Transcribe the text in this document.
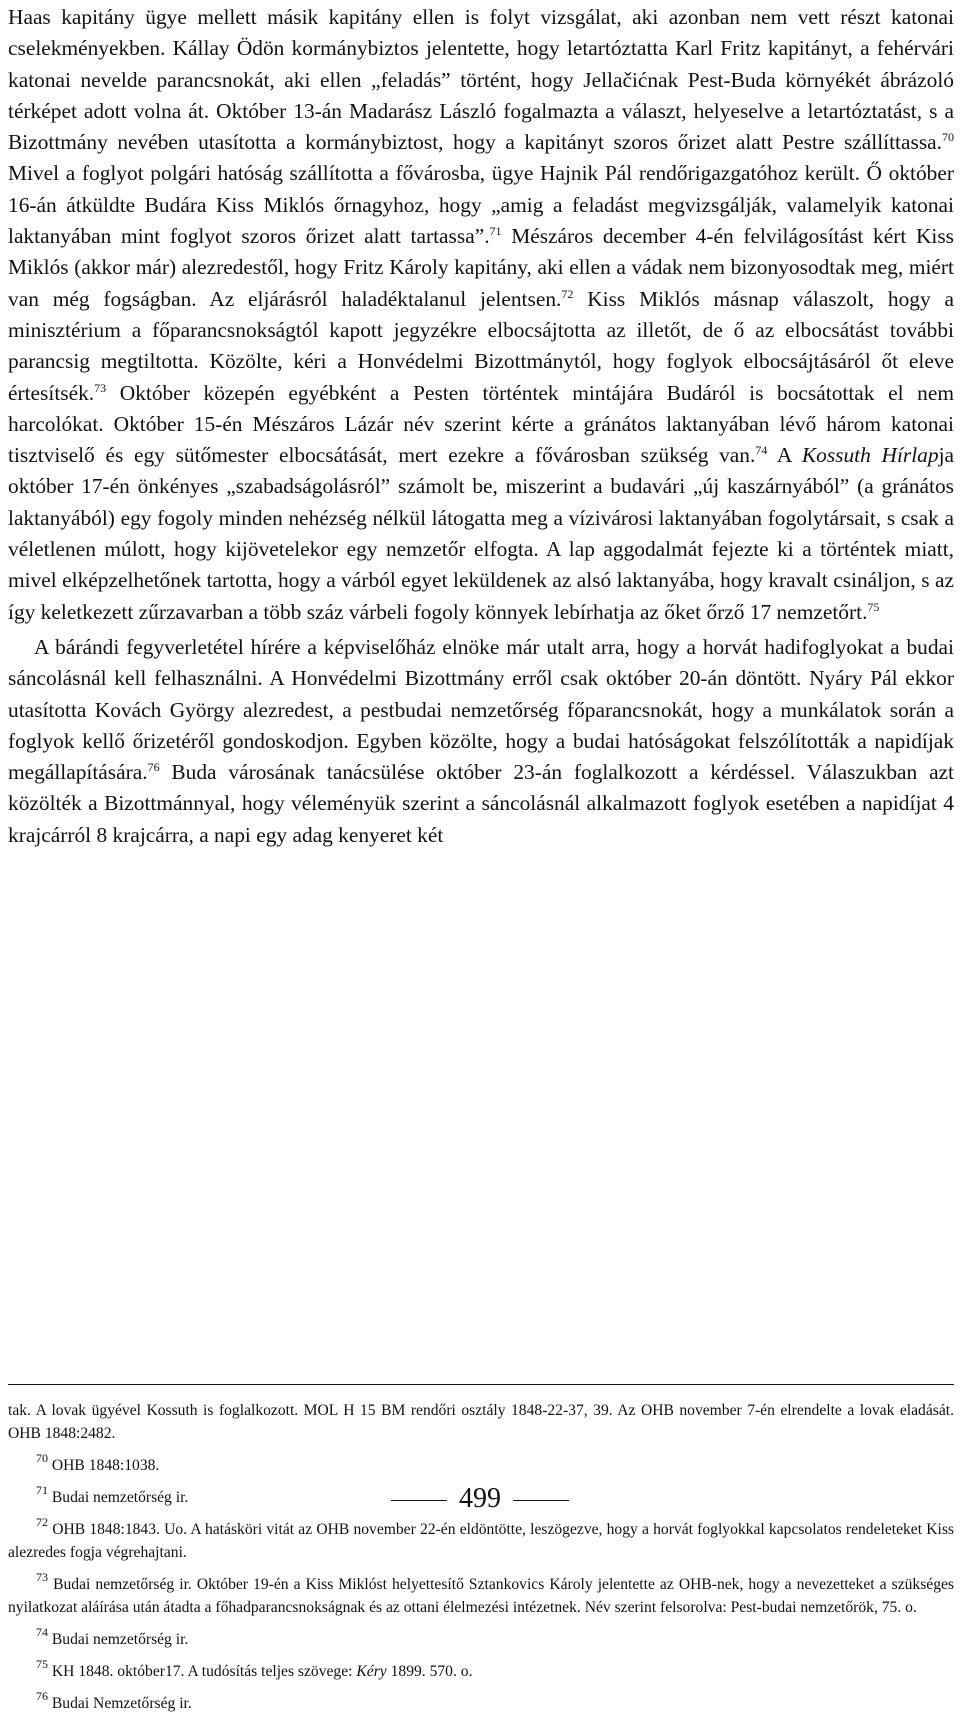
Haas kapitány ügye mellett másik kapitány ellen is folyt vizsgálat, aki azonban nem vett részt katonai cselekményekben. Kállay Ödön kormánybiztos jelentette, hogy letartóztatta Karl Fritz kapitányt, a fehérvári katonai nevelde parancsnokát, aki ellen „feladás” történt, hogy Jellačićnak Pest-Buda környékét ábrázoló térképet adott volna át. Október 13-án Madarász László fogalmazta a választ, helyeselve a letartóztatást, s a Bizottmány nevében utasította a kormánybiztost, hogy a kapitányt szoros őrizet alatt Pestre szállíttassa.$^{70}$ Mivel a foglyot polgári hatóság szállította a fővárosba, ügye Hajnik Pál rendőrigazgatóhoz került. Ő október 16-án átküldte Budára Kiss Miklós őrnagyhoz, hogy „amig a feladást megvizsgálják, valamelyik katonai laktanyában mint foglyot szoros őrizet alatt tartassa”.$^{71}$ Mészáros december 4-én felvilágosítást kért Kiss Miklós (akkor már) alezredestől, hogy Fritz Károly kapitány, aki ellen a vádak nem bizonyosodtak meg, miért van még fogságban. Az eljárásról haladéktalanul jelentsen.$^{72}$ Kiss Miklós másnap válaszolt, hogy a minisztérium a főparancsnokságtól kapott jegyzékre elbocsájtotta az illetőt, de ő az elbocsátást további parancsig megtiltotta. Közölte, kéri a Honvédelmi Bizottmánytól, hogy foglyok elbocsájtásáról őt eleve értesítsék.$^{73}$ Október közepén egyébként a Pesten történtek mintájára Budáról is bocsátottak el nem harcolókat. Október 15-én Mészáros Lázár név szerint kérte a gránátos laktanyában lévő három katonai tisztviselő és egy sütőmester elbocsátását, mert ezekre a fővárosban szükség van.$^{74}$ A Kossuth Hírlapja október 17-én önkényes „szabadságolásról” számolt be, miszerint a budavári „új kaszárnyából” (a gránátos laktanyából) egy fogoly minden nehézség nélkül látogatta meg a vízivárosi laktanyában fogolytársait, s csak a véletlenen múlott, hogy kijövetelekor egy nemzetőr elfogta. A lap aggodalmát fejezte ki a történtek miatt, mivel elképzelhetőnek tartotta, hogy a várból egyet leküldenek az alsó laktanyába, hogy kravalt csináljon, s az így keletkezett zűrzavarban a több száz várbeli fogoly könnyek lebírhatja az őket őrző 17 nemzetőrt.$^{75}$

A bárándi fegyverletétel hírére a képviselőház elnöke már utalt arra, hogy a horvát hadifoglyokat a budai sáncolásnál kell felhasználni. A Honvédelmi Bizottmány erről csak október 20-án döntött. Nyáry Pál ekkor utasította Kovách György alezredest, a pestbudai nemzetőrség főparancsnokát, hogy a munkálatok során a foglyok kellő őrizetéről gondoskodjon. Egyben közölte, hogy a budai hatóságokat felszólították a napidíjak megállapítására.$^{76}$ Buda városának tanácsülése október 23-án foglalkozott a kérdéssel. Válaszukban azt közölték a Bizottmánnyal, hogy véleményük szerint a sáncolásnál alkalmazott foglyok esetében a napidíjat 4 krajcárról 8 krajcárra, a napi egy adag kenyeret két

tak. A lovak ügyével Kossuth is foglalkozott. MOL H 15 BM rendőri osztály 1848-22-37, 39. Az OHB november 7-én elrendelte a lovak eladását. OHB 1848:2482.

$^{70}$ OHB 1848:1038.

$^{71}$ Budai nemzetőrség ir.

$^{72}$ OHB 1848:1843. Uo. A hatásköri vitát az OHB november 22-én eldöntötte, leszögezve, hogy a horvát foglyokkal kapcsolatos rendeleteket Kiss alezredes fogja végrehajtani.

$^{73}$ Budai nemzetőrség ir. Október 19-én a Kiss Miklóst helyettesítő Sztankovics Károly jelentette az OHB-nek, hogy a nevezetteket a szükséges nyilatkozat aláírása után átadta a főhadparancsnokságnak és az ottani élelmezési intézetnek. Név szerint felsorolva: Pest-budai nemzetőrök, 75. o.

$^{74}$ Budai nemzetőrség ir.

$^{75}$ KH 1848. október17. A tudósítás teljes szövege: Kéry 1899. 570. o.

$^{76}$ Budai Nemzetőrség ir.

499
